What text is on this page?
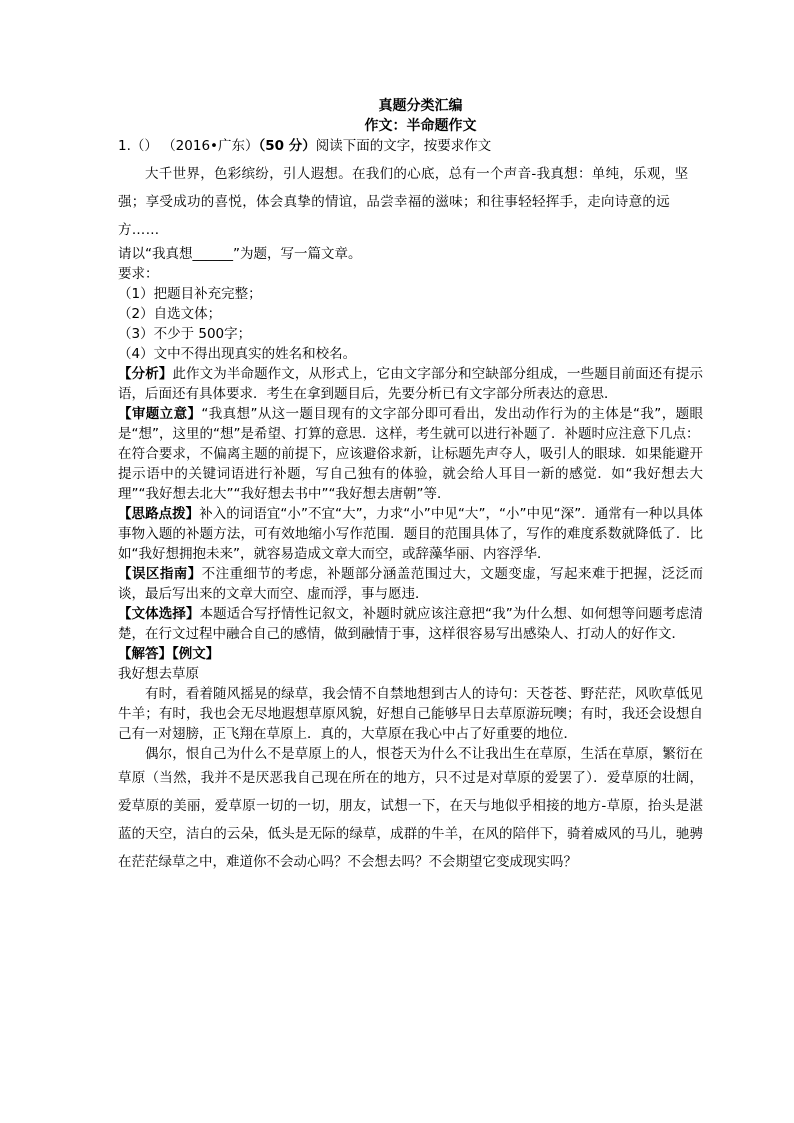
真题分类汇编

作文：半命题作文

1.（） （2016•广东）（50 分）阅读下面的文字，按要求作文

大千世界，色彩缤纷，引人遐想。在我们的心底，总有一个声音-我真想：单纯，乐观，坚强；享受成功的喜悦，体会真挚的情谊，品尝幸福的滋味；和往事轻轻挥手，走向诗意的远方……

请以“我真想______”为题，写一篇文章。

要求：

（1）把题目补充完整；

（2）自选文体；

（3）不少于 500字；

（4）文中不得出现真实的姓名和校名。

【分析】此作文为半命题作文，从形式上，它由文字部分和空缺部分组成，一些题目前面还有提示语，后面还有具体要求．考生在拿到题目后，先要分析已有文字部分所表达的意思．

【审题立意】“我真想”从这一题目现有的文字部分即可看出，发出动作行为的主体是“我”，题眼是“想”，这里的“想”是希望、打算的意思．这样，考生就可以进行补题了．补题时应注意下几点：

在符合要求，不偏离主题的前提下，应该避俗求新，让标题先声夺人，吸引人的眼球．如果能避开提示语中的关键词语进行补题，写自己独有的体验，就会给人耳目一新的感觉．如“我好想去大理”“我好想去北大”“我好想去书中”“我好想去唐朝”等．

【思路点拨】补入的词语宜“小”不宜“大”，力求“小”中见“大”，“小”中见“深”．通常有一种以具体事物入题的补题方法，可有效地缩小写作范围．题目的范围具体了，写作的难度系数就降低了．比如“我好想拥抱未来”，就容易造成文章大而空，或辞藻华丽、内容浮华．

【误区指南】不注重细节的考虑，补题部分涵盖范围过大，文题变虚，写起来难于把握，泛泛而谈，最后写出来的文章大而空、虚而浮，事与愿违．

【文体选择】本题适合写抒情性记叙文，补题时就应该注意把“我”为什么想、如何想等问题考虑清楚，在行文过程中融合自己的感情，做到融情于事，这样很容易写出感染人、打动人的好作文．

【解答】【例文】

我好想去草原

有时，看着随风摇晃的绿草，我会情不自禁地想到古人的诗句：天苍苍、野茫茫，风吹草低见牛羊；有时，我也会无尽地遐想草原风貌，好想自己能够早日去草原游玩噢；有时，我还会设想自己有一对翅膀，正飞翔在草原上．真的，大草原在我心中占了好重要的地位．

偶尔，恨自己为什么不是草原上的人，恨苍天为什么不让我出生在草原，生活在草原，繁衍在草原（当然，我并不是厌恶我自己现在所在的地方，只不过是对草原的爱罢了）．爱草原的壮阔，爱草原的美丽，爱草原一切的一切，朋友，试想一下，在天与地似乎相接的地方-草原，抬头是湛蓝的天空，洁白的云朵，低头是无际的绿草，成群的牛羊，在风的陪伴下，骑着威风的马儿，驰骋在茫茫绿草之中，难道你不会动心吗？不会想去吗？不会期望它变成现实吗？
